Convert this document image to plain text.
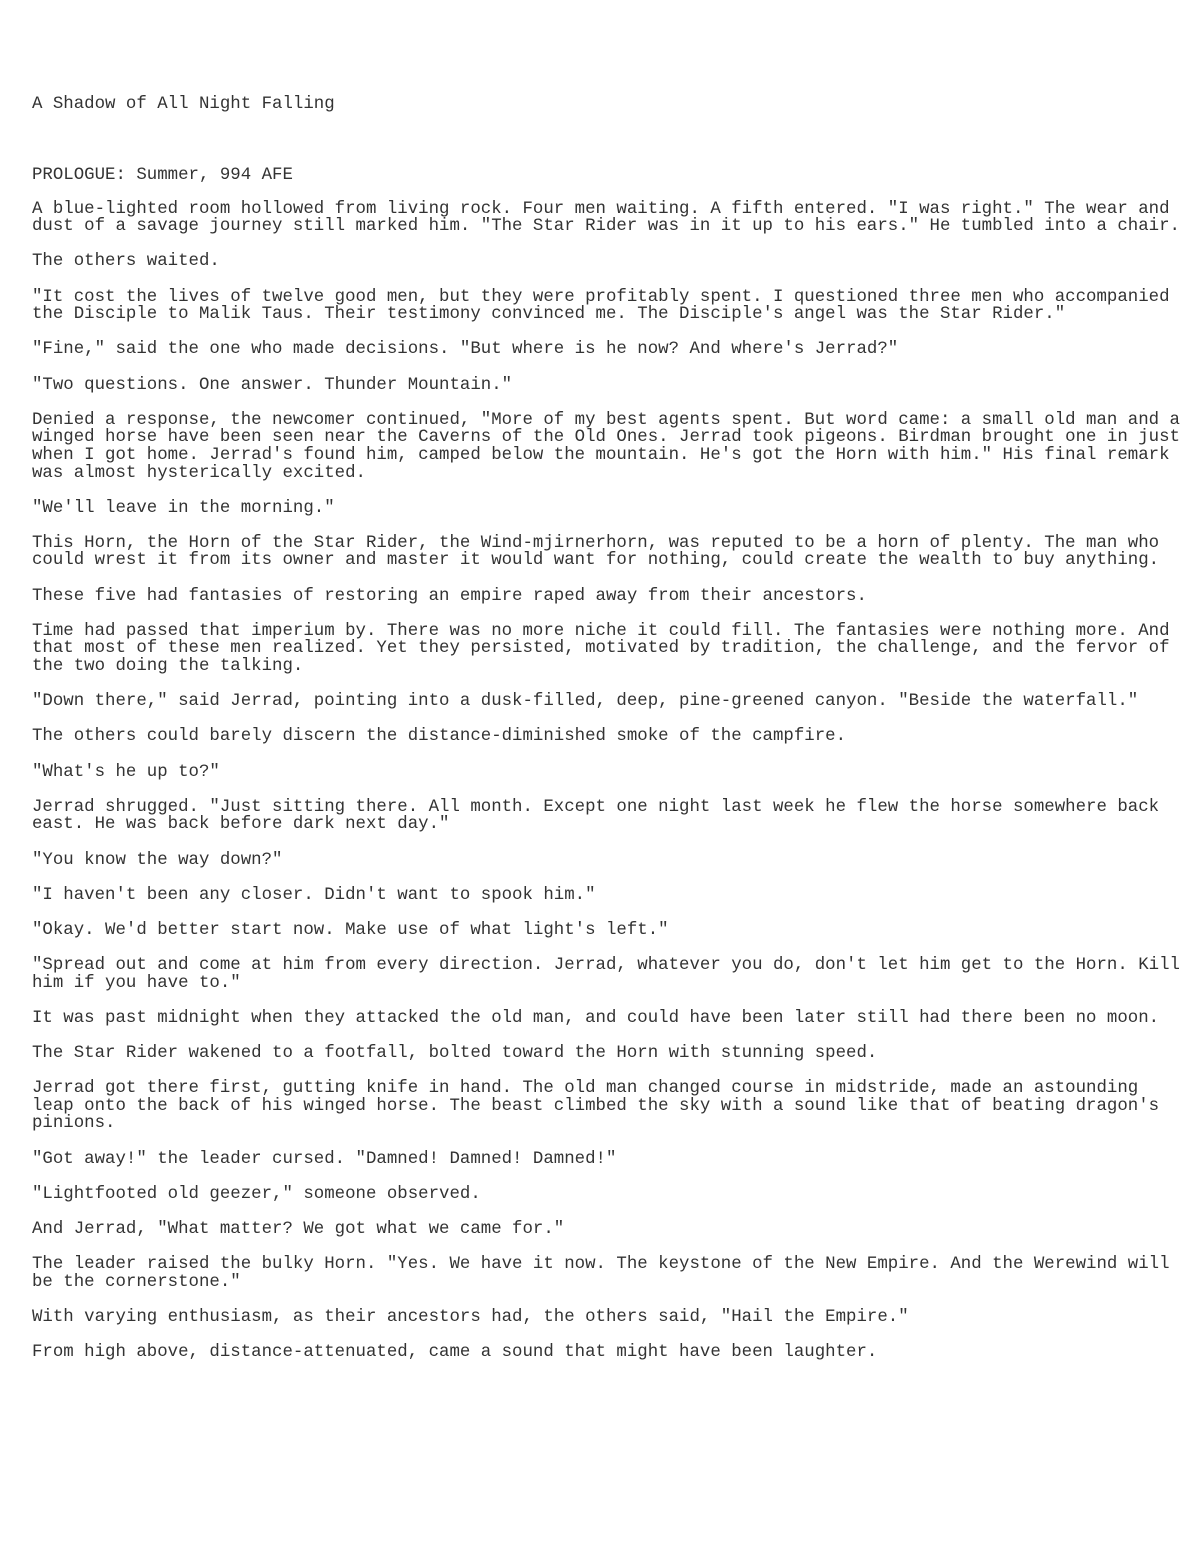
A Shadow of All Night Falling

PROLOGUE: Summer, 994 AFE

A blue-lighted room hollowed from living rock. Four men waiting. A fifth entered. "I was right." The wear and dust of a savage journey still marked him. "The Star Rider was in it up to his ears." He tumbled into a chair.

The others waited.

"It cost the lives of twelve good men, but they were profitably spent. I questioned three men who accompanied the Disciple to Malik Taus. Their testimony convinced me. The Disciple's angel was the Star Rider."

"Fine," said the one who made decisions. "But where is he now? And where's Jerrad?"

"Two questions. One answer. Thunder Mountain."

Denied a response, the newcomer continued, "More of my best agents spent. But word came: a small old man and a winged horse have been seen near the Caverns of the Old Ones. Jerrad took pigeons. Birdman brought one in just when I got home. Jerrad's found him, camped below the mountain. He's got the Horn with him." His final remark was almost hysterically excited.

"We'll leave in the morning."

This Horn, the Horn of the Star Rider, the Wind-mjirnerhorn, was reputed to be a horn of plenty. The man who could wrest it from its owner and master it would want for nothing, could create the wealth to buy anything.

These five had fantasies of restoring an empire raped away from their ancestors.

Time had passed that imperium by. There was no more niche it could fill. The fantasies were nothing more. And that most of these men realized. Yet they persisted, motivated by tradition, the challenge, and the fervor of the two doing the talking.

"Down there," said Jerrad, pointing into a dusk-filled, deep, pine-greened canyon. "Beside the waterfall."

The others could barely discern the distance-diminished smoke of the campfire.

"What's he up to?"

Jerrad shrugged. "Just sitting there. All month. Except one night last week he flew the horse somewhere back east. He was back before dark next day."

"You know the way down?"

"I haven't been any closer. Didn't want to spook him."

"Okay. We'd better start now. Make use of what light's left."

"Spread out and come at him from every direction. Jerrad, whatever you do, don't let him get to the Horn. Kill him if you have to."

It was past midnight when they attacked the old man, and could have been later still had there been no moon.

The Star Rider wakened to a footfall, bolted toward the Horn with stunning speed.

Jerrad got there first, gutting knife in hand. The old man changed course in midstride, made an astounding leap onto the back of his winged horse. The beast climbed the sky with a sound like that of beating dragon's pinions.

"Got away!" the leader cursed. "Damned! Damned! Damned!"

"Lightfooted old geezer," someone observed.

And Jerrad, "What matter? We got what we came for."

The leader raised the bulky Horn. "Yes. We have it now. The keystone of the New Empire. And the Werewind will be the cornerstone."

With varying enthusiasm, as their ancestors had, the others said, "Hail the Empire."

From high above, distance-attenuated, came a sound that might have been laughter.
